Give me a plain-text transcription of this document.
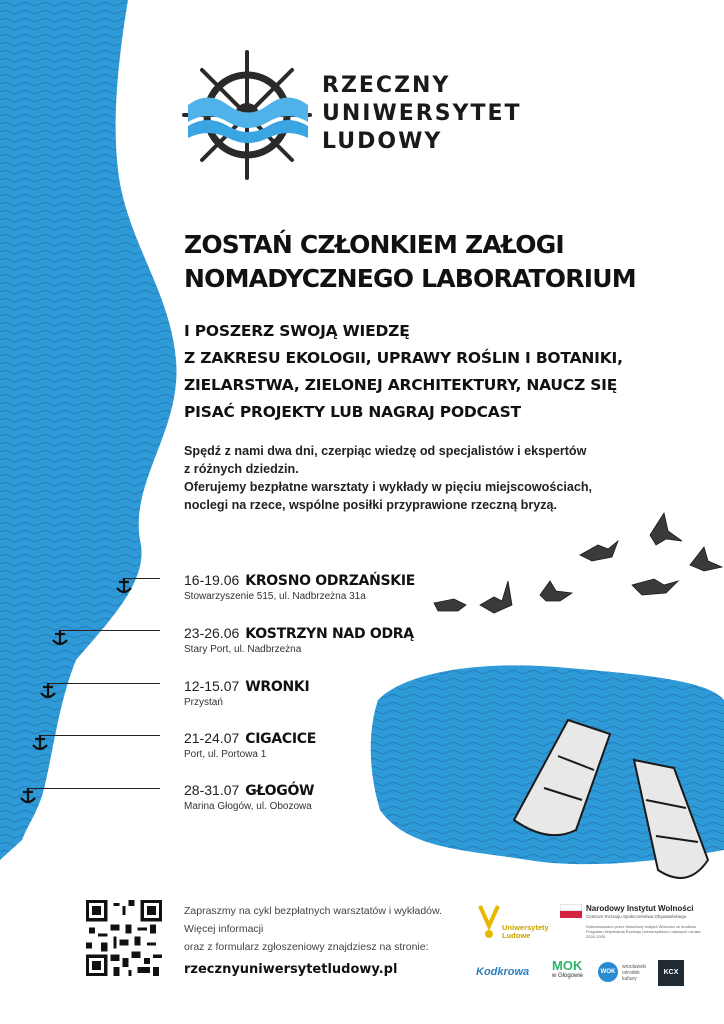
RZECZNY
UNIWERSYTET
LUDOWY
ZOSTAŃ CZŁONKIEM ZAŁOGI
NOMADYCZNEGO LABORATORIUM
I POSZERZ SWOJĄ WIEDZĘ
Z ZAKRESU EKOLOGII, UPRAWY ROŚLIN I BOTANIKI,
ZIELARSTWA, ZIELONEJ ARCHITEKTURY, NAUCZ SIĘ
PISAĆ PROJEKTY LUB NAGRAJ PODCAST
Spędź z nami dwa dni, czerpiąc wiedzę od specjalistów i ekspertów
z różnych dziedzin.
Oferujemy bezpłatne warsztaty i wykłady w pięciu miejscowościach,
noclegi na rzece, wspólne posiłki przyprawione rzeczną bryzą.
16-19.06 KROSNO ODRZAŃSKIE
Stowarzyszenie 515, ul. Nadbrzeżna 31a
23-26.06 KOSTRZYN NAD ODRĄ
Stary Port, ul. Nadbrzeżna
12-15.07 WRONKI
Przystań
21-24.07 CIGACICE
Port, ul. Portowa 1
28-31.07 GŁOGÓW
Marina Głogów, ul. Obozowa
Zapraszmy na cykl bezpłatnych warsztatów i wykładów.
Więcej informacji
oraz z formularz zgłoszeniowy znajdziesz na stronie:
rzecznyuniwersytetludowy.pl
Uniwersytety
Ludowe
Narodowy Instytut Wolności
Centrum Rozwoju Społeczeństwa Obywatelskiego
Dofinansowano przez Narodowy Instytut Wolności ze środków Programu Wspierania Rozwoju Uniwersytetów Ludowych na lata 2020-2030
Kodkrowa	MOK
w Głogowie
WOK
wrocławski ośrodek kultury
KCX
